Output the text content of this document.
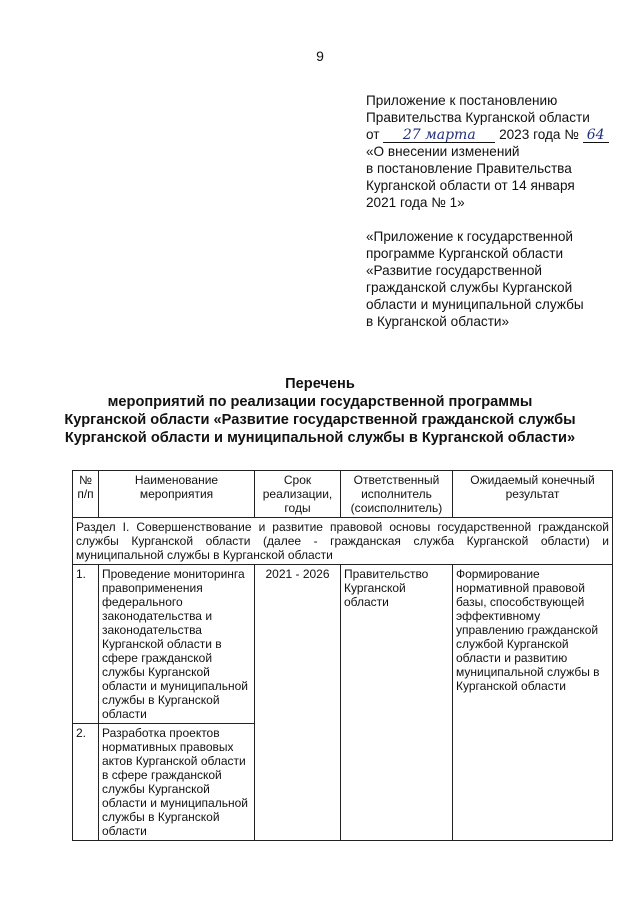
9
Приложение к постановлению
Правительства Курганской области
от 27 марта 2023 года № 64
«О внесении изменений
в постановление Правительства
Курганской области от 14 января
2021 года № 1»
«Приложение к государственной
программе Курганской области
«Развитие государственной
гражданской службы Курганской
области и муниципальной службы
в Курганской области»
Перечень
мероприятий по реализации государственной программы
Курганской области «Развитие государственной гражданской службы
Курганской области и муниципальной службы в Курганской области»
№ п/п	Наименование мероприятия	Срок реализации, годы	Ответственный исполнитель (соисполнитель)	Ожидаемый конечный результат
Раздел I. Совершенствование и развитие правовой основы государственной гражданской службы Курганской области (далее - гражданская служба Курганской области) и муниципальной службы в Курганской области				
1.	Проведение мониторинга правоприменения федерального законодательства и законодательства Курганской области в сфере гражданской службы Курганской области и муниципальной службы в Курганской области	2021 - 2026	Правительство Курганской области	Формирование нормативной правовой базы, способствующей эффективному управлению гражданской службой Курганской области и развитию муниципальной службы в Курганской области
2.	Разработка проектов нормативных правовых актов Курганской области в сфере гражданской службы Курганской области и муниципальной службы в Курганской области			
